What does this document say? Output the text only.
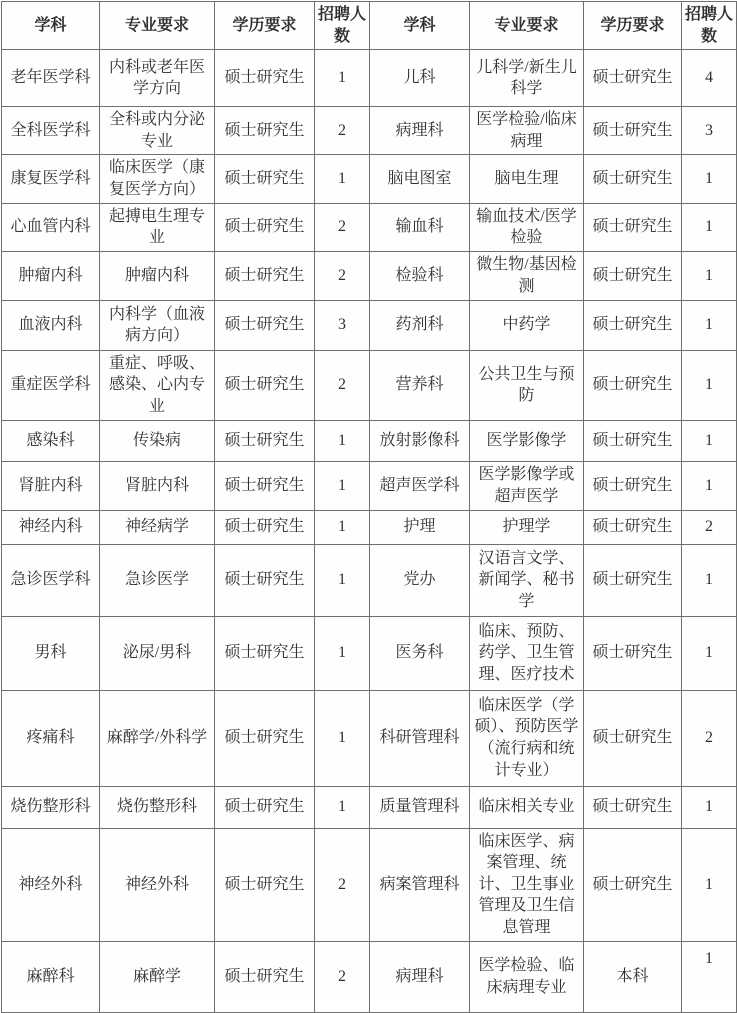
学科	专业要求	学历要求	招聘人数	学科	专业要求	学历要求	招聘人数
老年医学科	内科或老年医学方向	硕士研究生	1	儿科	儿科学/新生儿科学	硕士研究生	4
全科医学科	全科或内分泌专业	硕士研究生	2	病理科	医学检验/临床病理	硕士研究生	3
康复医学科	临床医学（康复医学方向）	硕士研究生	1	脑电图室	脑电生理	硕士研究生	1
心血管内科	起搏电生理专业	硕士研究生	2	输血科	输血技术/医学检验	硕士研究生	1
肿瘤内科	肿瘤内科	硕士研究生	2	检验科	微生物/基因检测	硕士研究生	1
血液内科	内科学（血液病方向）	硕士研究生	3	药剂科	中药学	硕士研究生	1
重症医学科	重症、呼吸、感染、心内专业	硕士研究生	2	营养科	公共卫生与预防	硕士研究生	1
感染科	传染病	硕士研究生	1	放射影像科	医学影像学	硕士研究生	1
肾脏内科	肾脏内科	硕士研究生	1	超声医学科	医学影像学或超声医学	硕士研究生	1
神经内科	神经病学	硕士研究生	1	护理	护理学	硕士研究生	2
急诊医学科	急诊医学	硕士研究生	1	党办	汉语言文学、新闻学、秘书学	硕士研究生	1
男科	泌尿/男科	硕士研究生	1	医务科	临床、预防、药学、卫生管理、医疗技术	硕士研究生	1
疼痛科	麻醉学/外科学	硕士研究生	1	科研管理科	临床医学（学硕）、预防医学（流行病和统计专业）	硕士研究生	2
烧伤整形科	烧伤整形科	硕士研究生	1	质量管理科	临床相关专业	硕士研究生	1
神经外科	神经外科	硕士研究生	2	病案管理科	临床医学、病案管理、统计、卫生事业管理及卫生信息管理	硕士研究生	1
麻醉科	麻醉学	硕士研究生	2	病理科	医学检验、临床病理专业	本科	1
